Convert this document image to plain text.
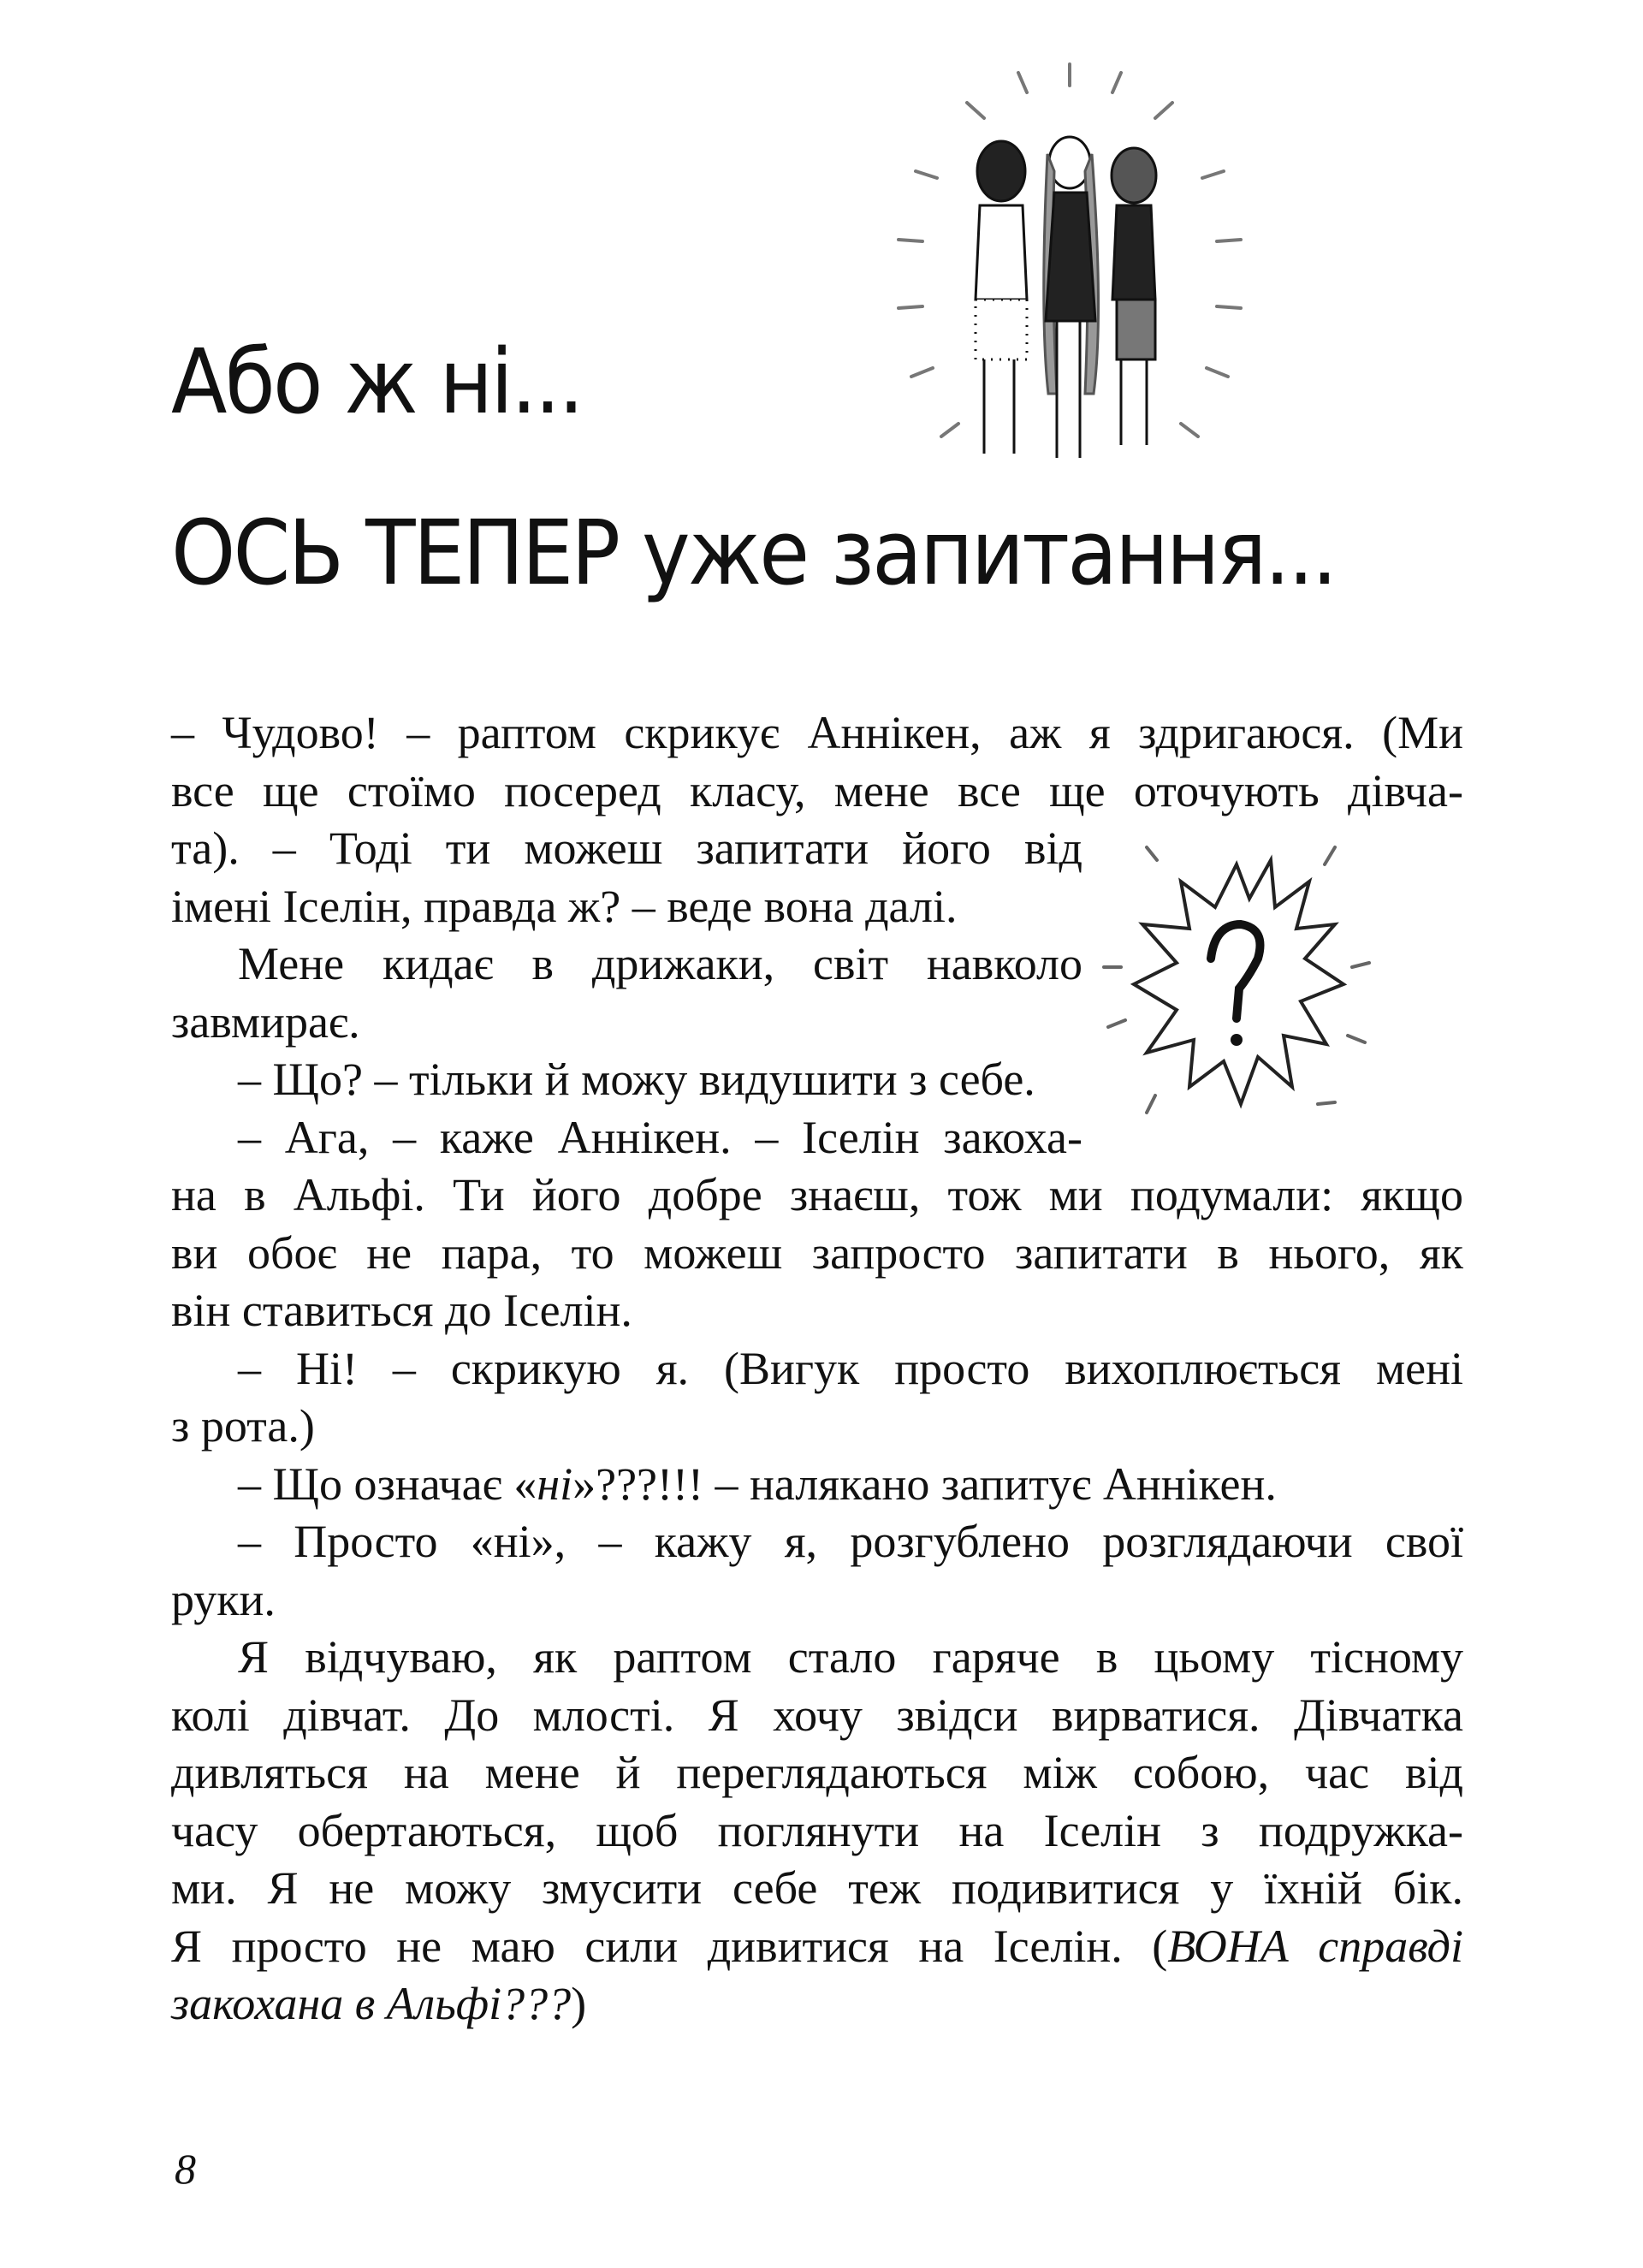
Або ж ні...
ОСЬ ТЕПЕР уже запитання...
– Чудово! – раптом скрикує Аннікен, аж я здригаюся. (Ми
все ще стоїмо посеред класу, мене все ще оточують дівча-
та). – Тоді ти можеш запитати його від
імені Іселін, правда ж? – веде вона далі.
Мене кидає в дрижаки, світ навколо
завмирає.
– Що? – тільки й можу видушити з себе.
– Ага, – каже Аннікен. – Іселін закоха-
на в Альфі. Ти його добре знаєш, тож ми подумали: якщо
ви обоє не пара, то можеш запросто запитати в нього, як
він ставиться до Іселін.
– Ні! – скрикую я. (Вигук просто вихоплюється мені
з рота.)
– Що означає «ні»???!!! – налякано запитує Аннікен.
– Просто «ні», – кажу я, розгублено розглядаючи свої
руки.
Я відчуваю, як раптом стало гаряче в цьому тісному
колі дівчат. До млості. Я хочу звідси вирватися. Дівчатка
дивляться на мене й переглядаються між собою, час від
часу обертаються, щоб поглянути на Іселін з подружка-
ми. Я не можу змусити себе теж подивитися у їхній бік.
Я просто не маю сили дивитися на Іселін. (ВОНА справді
закохана в Альфі???)
8
